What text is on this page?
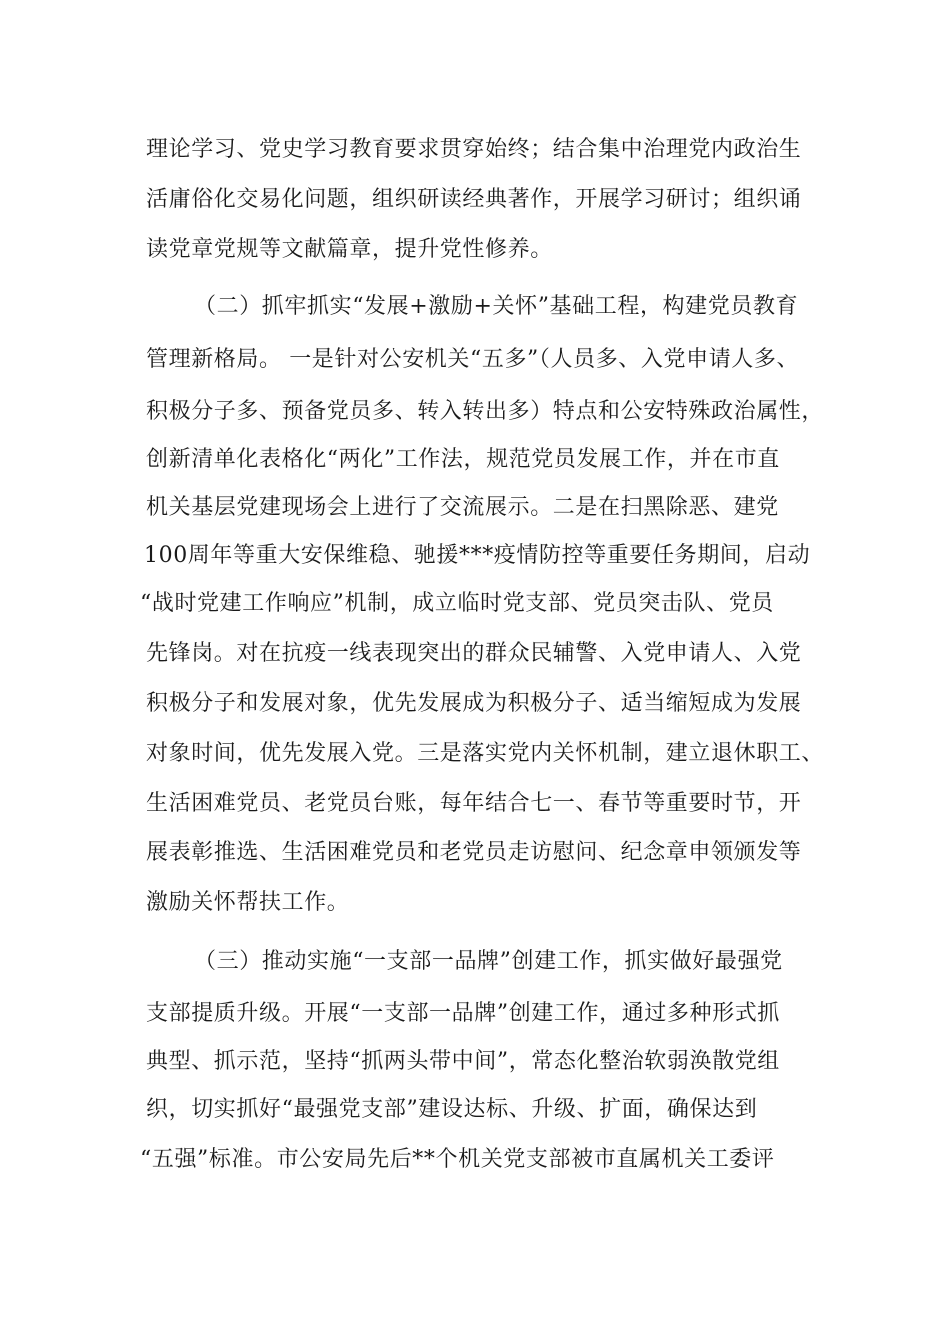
理论学习、党史学习教育要求贯穿始终；结合集中治理党内政治生
活庸俗化交易化问题，组织研读经典著作，开展学习研讨；组织诵
读党章党规等文献篇章，提升党性修养。
（二）抓牢抓实“发展+激励+关怀”基础工程，构建党员教育
管理新格局。 一是针对公安机关“五多”（人员多、入党申请人多、
积极分子多、预备党员多、转入转出多）特点和公安特殊政治属性，
创新清单化表格化“两化”工作法，规范党员发展工作，并在市直
机关基层党建现场会上进行了交流展示。二是在扫黑除恶、建党
100周年等重大安保维稳、驰援***疫情防控等重要任务期间，启动
“战时党建工作响应”机制，成立临时党支部、党员突击队、党员
先锋岗。对在抗疫一线表现突出的群众民辅警、入党申请人、入党
积极分子和发展对象，优先发展成为积极分子、适当缩短成为发展
对象时间，优先发展入党。三是落实党内关怀机制，建立退休职工、
生活困难党员、老党员台账，每年结合七一、春节等重要时节，开
展表彰推选、生活困难党员和老党员走访慰问、纪念章申领颁发等
激励关怀帮扶工作。
（三）推动实施“一支部一品牌”创建工作，抓实做好最强党
支部提质升级。开展“一支部一品牌”创建工作，通过多种形式抓
典型、抓示范，坚持“抓两头带中间”，常态化整治软弱涣散党组
织，切实抓好“最强党支部”建设达标、升级、扩面，确保达到
“五强”标准。市公安局先后**个机关党支部被市直属机关工委评
